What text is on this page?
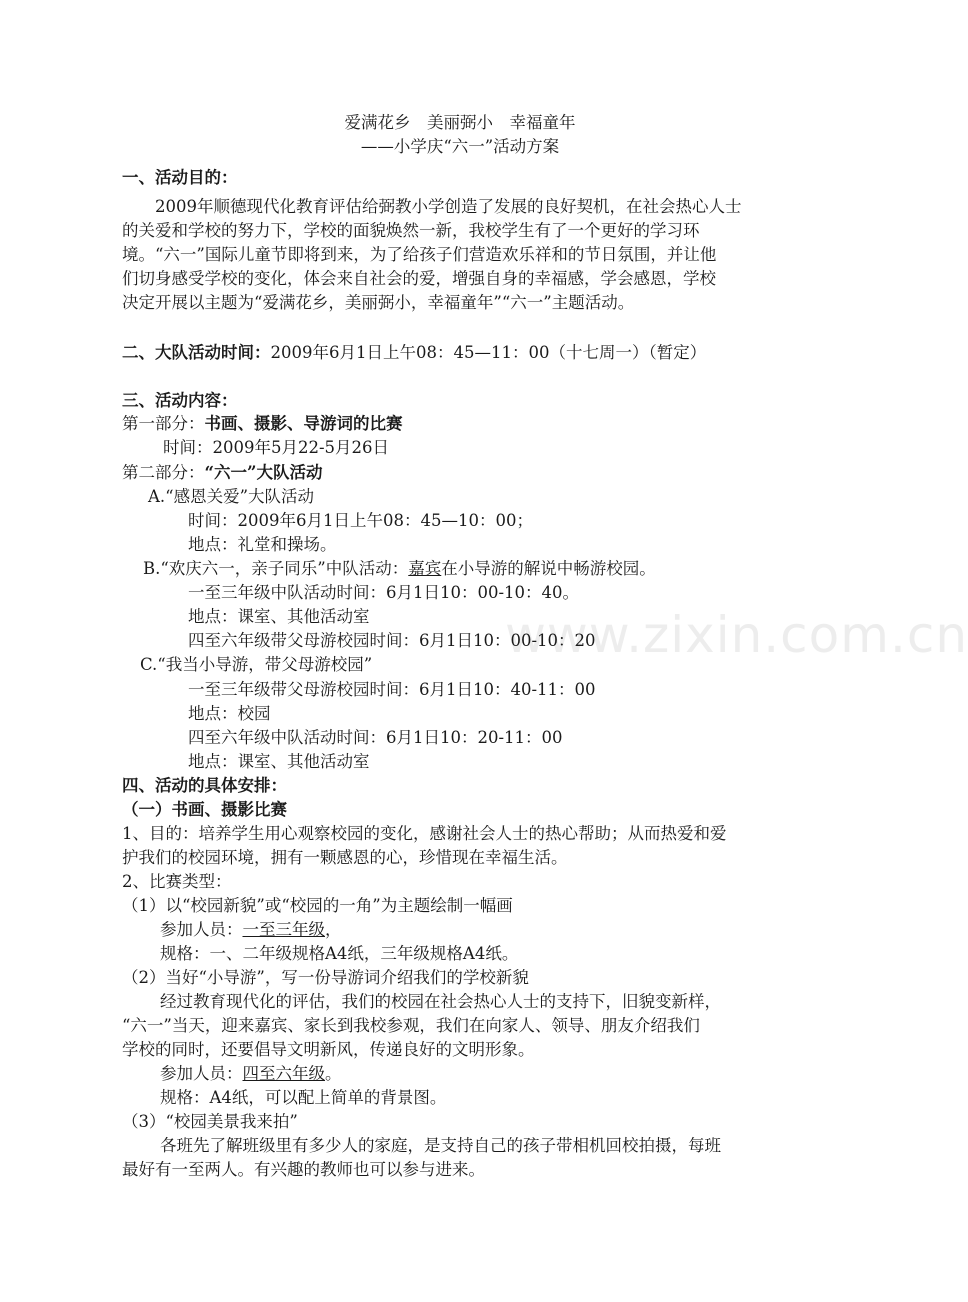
www.zixin.com.cn
爱满花乡　美丽弼小　幸福童年
——小学庆“六一”活动方案
一、活动目的：
2009年顺德现代化教育评估给弼教小学创造了发展的良好契机，在社会热心人士
的关爱和学校的努力下，学校的面貌焕然一新，我校学生有了一个更好的学习环
境。“六一”国际儿童节即将到来，为了给孩子们营造欢乐祥和的节日氛围，并让他
们切身感受学校的变化，体会来自社会的爱，增强自身的幸福感，学会感恩，学校
决定开展以主题为“爱满花乡，美丽弼小，幸福童年”“六一”主题活动。
二、大队活动时间：2009年6月1日上午08：45—11：00（十七周一）（暂定）
三、活动内容：
第一部分：书画、摄影、导游词的比赛
时间：2009年5月22-5月26日
第二部分：“六一”大队活动
A.“感恩关爱”大队活动
时间：2009年6月1日上午08：45—10：00；
地点：礼堂和操场。
B.“欢庆六一，亲子同乐”中队活动：嘉宾在小导游的解说中畅游校园。
一至三年级中队活动时间：6月1日10：00-10：40。
地点：课室、其他活动室
四至六年级带父母游校园时间：6月1日10：00-10：20
C.“我当小导游，带父母游校园”
一至三年级带父母游校园时间：6月1日10：40-11：00
地点：校园
四至六年级中队活动时间：6月1日10：20-11：00
地点：课室、其他活动室
四、活动的具体安排：
（一）书画、摄影比赛
1、目的：培养学生用心观察校园的变化，感谢社会人士的热心帮助；从而热爱和爱
护我们的校园环境，拥有一颗感恩的心，珍惜现在幸福生活。
2、比赛类型：
（1）以“校园新貌”或“校园的一角”为主题绘制一幅画
参加人员：一至三年级，
规格：一、二年级规格A4纸，三年级规格A4纸。
（2）当好“小导游”，写一份导游词介绍我们的学校新貌
经过教育现代化的评估，我们的校园在社会热心人士的支持下，旧貌变新样，
“六一”当天，迎来嘉宾、家长到我校参观，我们在向家人、领导、朋友介绍我们
学校的同时，还要倡导文明新风，传递良好的文明形象。
参加人员：四至六年级。
规格：A4纸，可以配上简单的背景图。
（3）“校园美景我来拍”
各班先了解班级里有多少人的家庭，是支持自己的孩子带相机回校拍摄，每班
最好有一至两人。有兴趣的教师也可以参与进来。
